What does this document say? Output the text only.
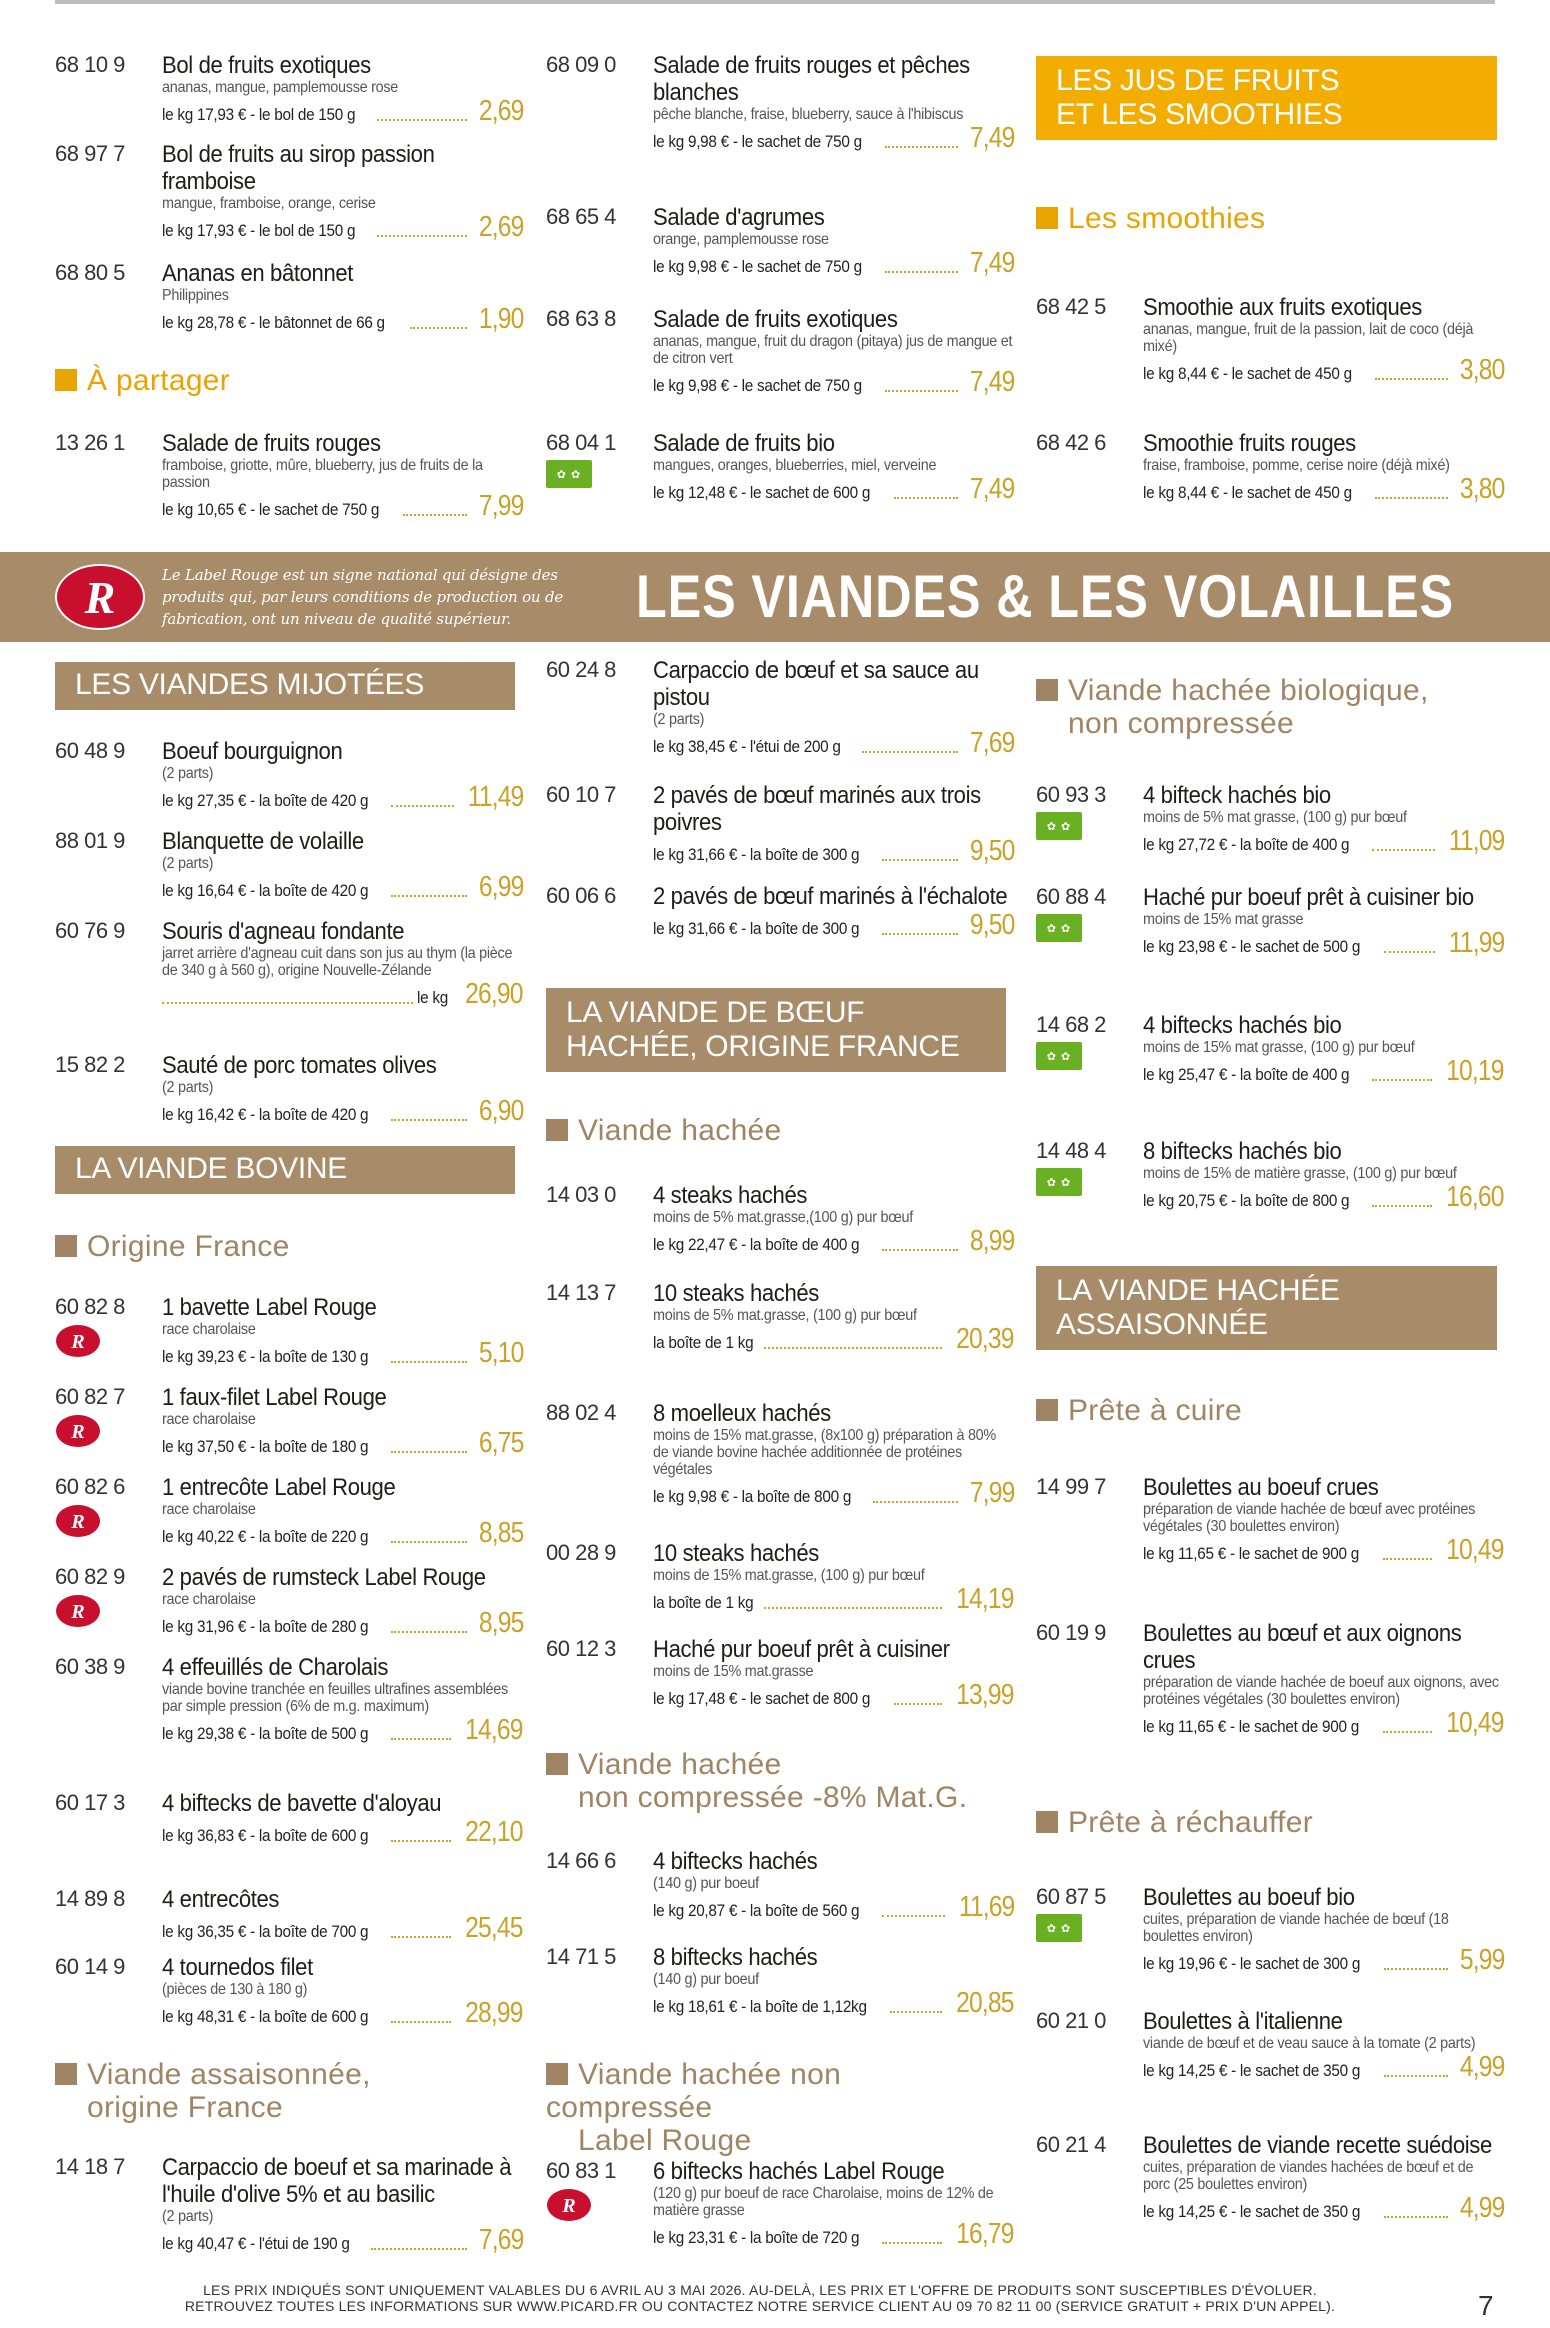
68 10 9 Bol de fruits exotiques
ananas, mangue, pamplemousse rose
le kg 17,93 € - le bol de 150 g	2,69
68 97 7 Bol de fruits au sirop passion framboise
mangue, framboise, orange, cerise
le kg 17,93 € - le bol de 150 g	2,69
68 80 5 Ananas en bâtonnet
Philippines
le kg 28,78 € - le bâtonnet de 66 g	1,90
À partager
13 26 1 Salade de fruits rouges
framboise, griotte, mûre, blueberry, jus de fruits de la passion
le kg 10,65 € - le sachet de 750 g	7,99
LES VIANDES MIJOTÉES
60 48 9 Boeuf bourguignon
(2 parts)
le kg 27,35 € - la boîte de 420 g	11,49
88 01 9 Blanquette de volaille
(2 parts)
le kg 16,64 € - la boîte de 420 g	6,99
60 76 9 Souris d'agneau fondante
jarret arrière d'agneau cuit dans son jus au thym (la pièce de 340 g à 560 g), origine Nouvelle-Zélande
le kg 26,90
15 82 2 Sauté de porc tomates olives
(2 parts)
le kg 16,42 € - la boîte de 420 g	6,90
LA VIANDE BOVINE
Origine France
60 82 8
R
1 bavette Label Rouge
race charolaise
le kg 39,23 € - la boîte de 130 g	5,10
60 82 7
R
1 faux-filet Label Rouge
race charolaise
le kg 37,50 € - la boîte de 180 g	6,75
60 82 6
R
1 entrecôte Label Rouge
race charolaise
le kg 40,22 € - la boîte de 220 g	8,85
60 82 9
R
2 pavés de rumsteck Label Rouge
race charolaise
le kg 31,96 € - la boîte de 280 g	8,95
60 38 9 4 effeuillés de Charolais
viande bovine tranchée en feuilles ultrafines assemblées par simple pression (6% de m.g. maximum)
le kg 29,38 € - la boîte de 500 g	14,69
60 17 3 4 biftecks de bavette d'aloyau
le kg 36,83 € - la boîte de 600 g	22,10
14 89 8 4 entrecôtes
le kg 36,35 € - la boîte de 700 g	25,45
60 14 9 4 tournedos filet
(pièces de 130 à 180 g)
le kg 48,31 € - la boîte de 600 g	28,99
Viande assaisonnée,
origine France
14 18 7 Carpaccio de boeuf et sa marinade à l'huile d'olive 5% et au basilic
(2 parts)
le kg 40,47 € - l'étui de 190 g	7,69
68 09 0 Salade de fruits rouges et pêches blanches
pêche blanche, fraise, blueberry, sauce à l'hibiscus
le kg 9,98 € - le sachet de 750 g	7,49
68 65 4 Salade d'agrumes
orange, pamplemousse rose
le kg 9,98 € - le sachet de 750 g	7,49
68 63 8 Salade de fruits exotiques
ananas, mangue, fruit du dragon (pitaya) jus de mangue et de citron vert
le kg 9,98 € - le sachet de 750 g	7,49
68 04 1
✿ ✿
Salade de fruits bio
mangues, oranges, blueberries, miel, verveine
le kg 12,48 € - le sachet de 600 g	7,49
60 24 8 Carpaccio de bœuf et sa sauce au pistou
(2 parts)
le kg 38,45 € - l'étui de 200 g	7,69
60 10 7 2 pavés de bœuf marinés aux trois poivres
le kg 31,66 € - la boîte de 300 g	9,50
60 06 6 2 pavés de bœuf marinés à l'échalote
le kg 31,66 € - la boîte de 300 g	9,50
LA VIANDE DE BŒUF
HACHÉE, ORIGINE FRANCE
Viande hachée
14 03 0 4 steaks hachés
moins de 5% mat.grasse,(100 g) pur bœuf
le kg 22,47 € - la boîte de 400 g	8,99
14 13 7 10 steaks hachés
moins de 5% mat.grasse, (100 g) pur bœuf
la boîte de 1 kg	20,39
88 02 4 8 moelleux hachés
moins de 15% mat.grasse, (8x100 g) préparation à 80% de viande bovine hachée additionnée de protéines végétales
le kg 9,98 € - la boîte de 800 g	7,99
00 28 9 10 steaks hachés
moins de 15% mat.grasse, (100 g) pur bœuf
la boîte de 1 kg	14,19
60 12 3 Haché pur boeuf prêt à cuisiner
moins de 15% mat.grasse
le kg 17,48 € - le sachet de 800 g	13,99
Viande hachée
non compressée -8% Mat.G.
14 66 6 4 biftecks hachés
(140 g) pur boeuf
le kg 20,87 € - la boîte de 560 g	11,69
14 71 5 8 biftecks hachés
(140 g) pur boeuf
le kg 18,61 € - la boîte de 1,12kg	20,85
Viande hachée non compressée
Label Rouge
60 83 1
R
6 biftecks hachés Label Rouge
(120 g) pur boeuf de race Charolaise, moins de 12% de matière grasse
le kg 23,31 € - la boîte de 720 g	16,79
LES JUS DE FRUITS
ET LES SMOOTHIES
Les smoothies
68 42 5 Smoothie aux fruits exotiques
ananas, mangue, fruit de la passion, lait de coco (déjà mixé)
le kg 8,44 € - le sachet de 450 g	3,80
68 42 6 Smoothie fruits rouges
fraise, framboise, pomme, cerise noire (déjà mixé)
le kg 8,44 € - le sachet de 450 g	3,80
Viande hachée biologique,
non compressée
60 93 3
✿ ✿
4 bifteck hachés bio
moins de 5% mat grasse, (100 g) pur bœuf
le kg 27,72 € - la boîte de 400 g	11,09
60 88 4
✿ ✿
Haché pur boeuf prêt à cuisiner bio
moins de 15% mat grasse
le kg 23,98 € - le sachet de 500 g	11,99
14 68 2
✿ ✿
4 biftecks hachés bio
moins de 15% mat grasse, (100 g) pur bœuf
le kg 25,47 € - la boîte de 400 g	10,19
14 48 4
✿ ✿
8 biftecks hachés bio
moins de 15% de matière grasse, (100 g) pur bœuf
le kg 20,75 € - la boîte de 800 g	16,60
LA VIANDE HACHÉE
ASSAISONNÉE
Prête à cuire
14 99 7 Boulettes au boeuf crues
préparation de viande hachée de bœuf avec protéines végétales (30 boulettes environ)
le kg 11,65 € - le sachet de 900 g	10,49
60 19 9 Boulettes au bœuf et aux oignons crues
préparation de viande hachée de boeuf aux oignons, avec protéines végétales (30 boulettes environ)
le kg 11,65 € - le sachet de 900 g	10,49
Prête à réchauffer
60 87 5
✿ ✿
Boulettes au boeuf bio
cuites, préparation de viande hachée de bœuf (18 boulettes environ)
le kg 19,96 € - le sachet de 300 g	5,99
60 21 0 Boulettes à l'italienne
viande de bœuf et de veau sauce à la tomate (2 parts)
le kg 14,25 € - le sachet de 350 g	4,99
60 21 4 Boulettes de viande recette suédoise
cuites, préparation de viandes hachées de bœuf et de porc (25 boulettes environ)
le kg 14,25 € - le sachet de 350 g	4,99
R	Le Label Rouge est un signe national qui désigne des produits qui, par leurs conditions de production ou de fabrication, ont un niveau de qualité supérieur.	LES VIANDES & LES VOLAILLES
LES PRIX INDIQUÉS SONT UNIQUEMENT VALABLES DU 6 AVRIL AU 3 MAI 2026. AU-DELÀ, LES PRIX ET L'OFFRE DE PRODUITS SONT SUSCEPTIBLES D'ÉVOLUER.
RETROUVEZ TOUTES LES INFORMATIONS SUR WWW.PICARD.FR OU CONTACTEZ NOTRE SERVICE CLIENT AU 09 70 82 11 00 (SERVICE GRATUIT + PRIX D'UN APPEL).	7
